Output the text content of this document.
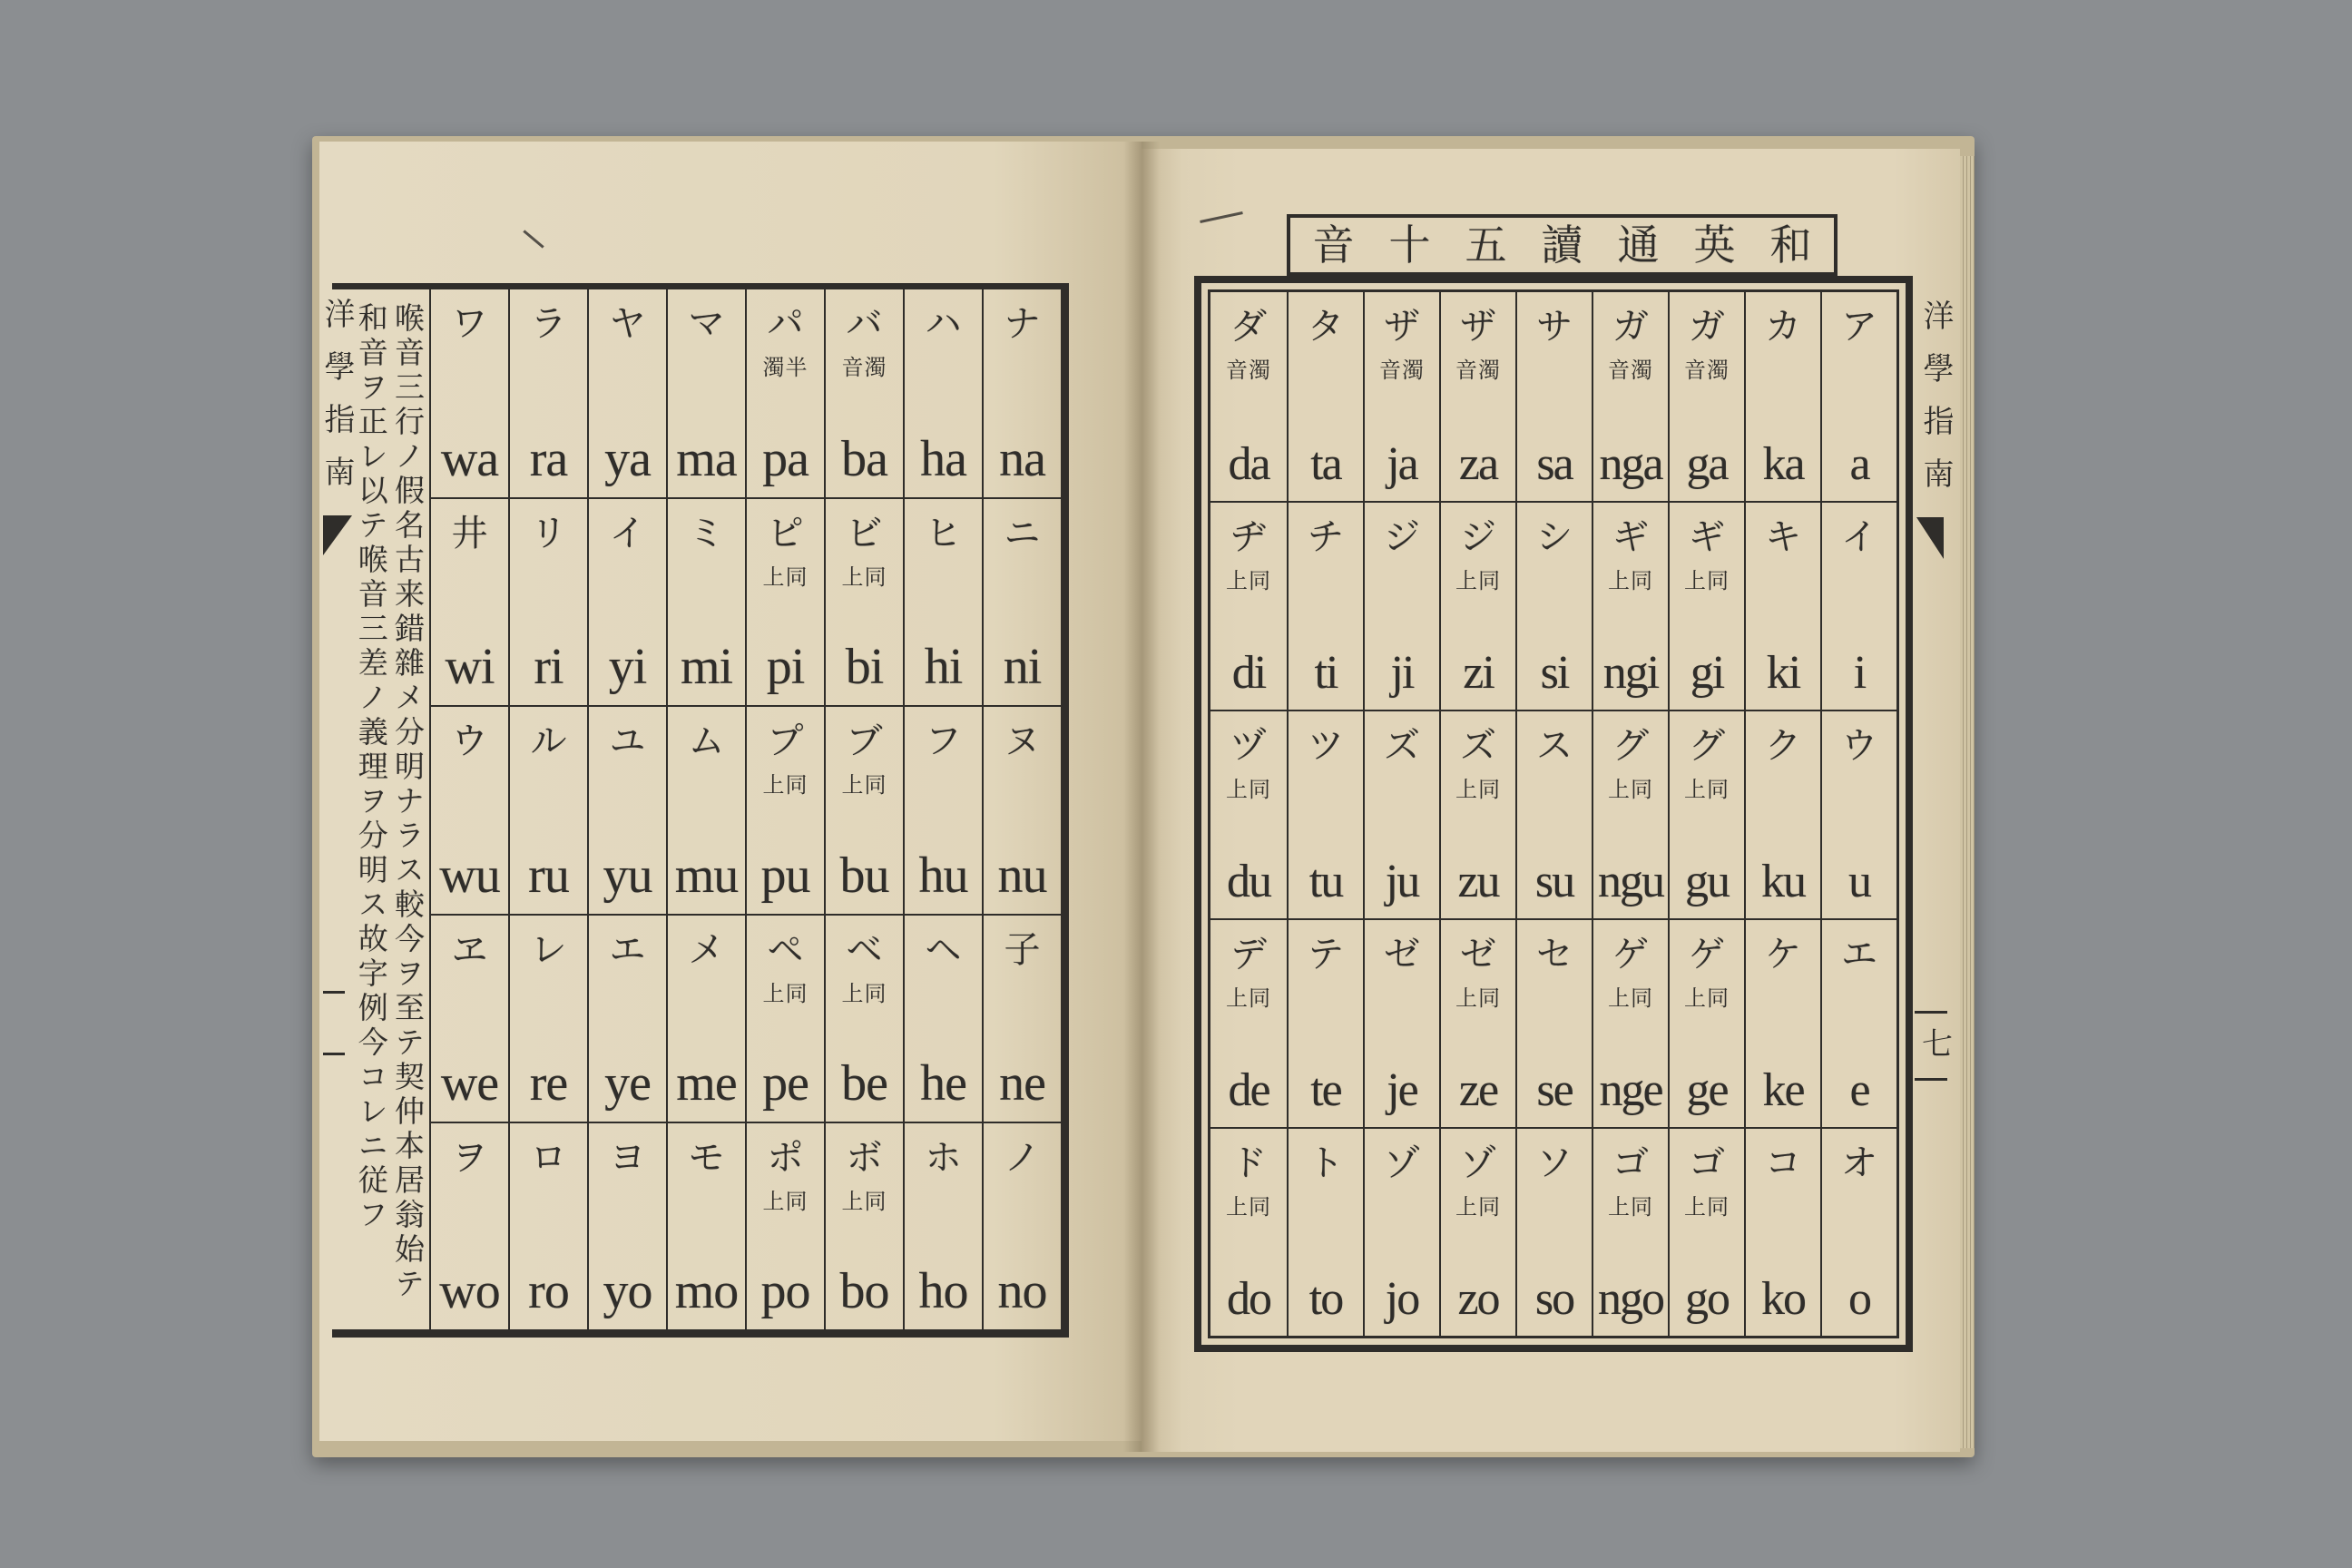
洋學指南 喉音三行ノ假名古来錯雜メ分明ナラス較今ヲ至テ契仲本居翁始テ
和音ヲ正レ以テ喉音三差ノ義理ヲ分明ス故字例今コレニ従フ	ワ
wa
ラ
ra
ヤ
ya
マ
ma
パ
濁半
pa
バ
音濁
ba
ハ
ha
ナ
na
井
wi
リ
ri
イ
yi
ミ
mi
ピ
上同
pi
ビ
上同
bi
ヒ
hi
ニ
ni
ウ
wu
ル
ru
ユ
yu
ム
mu
プ
上同
pu
ブ
上同
bu
フ
hu
ヌ
nu
ヱ
we
レ
re
エ
ye
メ
me
ペ
上同
pe
ベ
上同
be
ヘ
he
子
ne
ヲ
wo
ロ
ro
ヨ
yo
モ
mo
ポ
上同
po
ボ
上同
bo
ホ
ho
ノ
no
音十五讀通英和
ダ
音濁
da
タ
ta
ザ
音濁
ja
ザ
音濁
za
サ
sa
ガ
音濁
nga
ガ
音濁
ga
カ
ka
ア
a
ヂ
上同
di
チ
ti
ジ
ji
ジ
上同
zi
シ
si
ギ
上同
ngi
ギ
上同
gi
キ
ki
イ
i
ヅ
上同
du
ツ
tu
ズ
ju
ズ
上同
zu
ス
su
グ
上同
ngu
グ
上同
gu
ク
ku
ウ
u
デ
上同
de
テ
te
ゼ
je
ゼ
上同
ze
セ
se
ゲ
上同
nge
ゲ
上同
ge
ケ
ke
エ
e
ド
上同
do
ト
to
ゾ
jo
ゾ
上同
zo
ソ
so
ゴ
上同
ngo
ゴ
上同
go
コ
ko
オ
o
洋學指南
七
